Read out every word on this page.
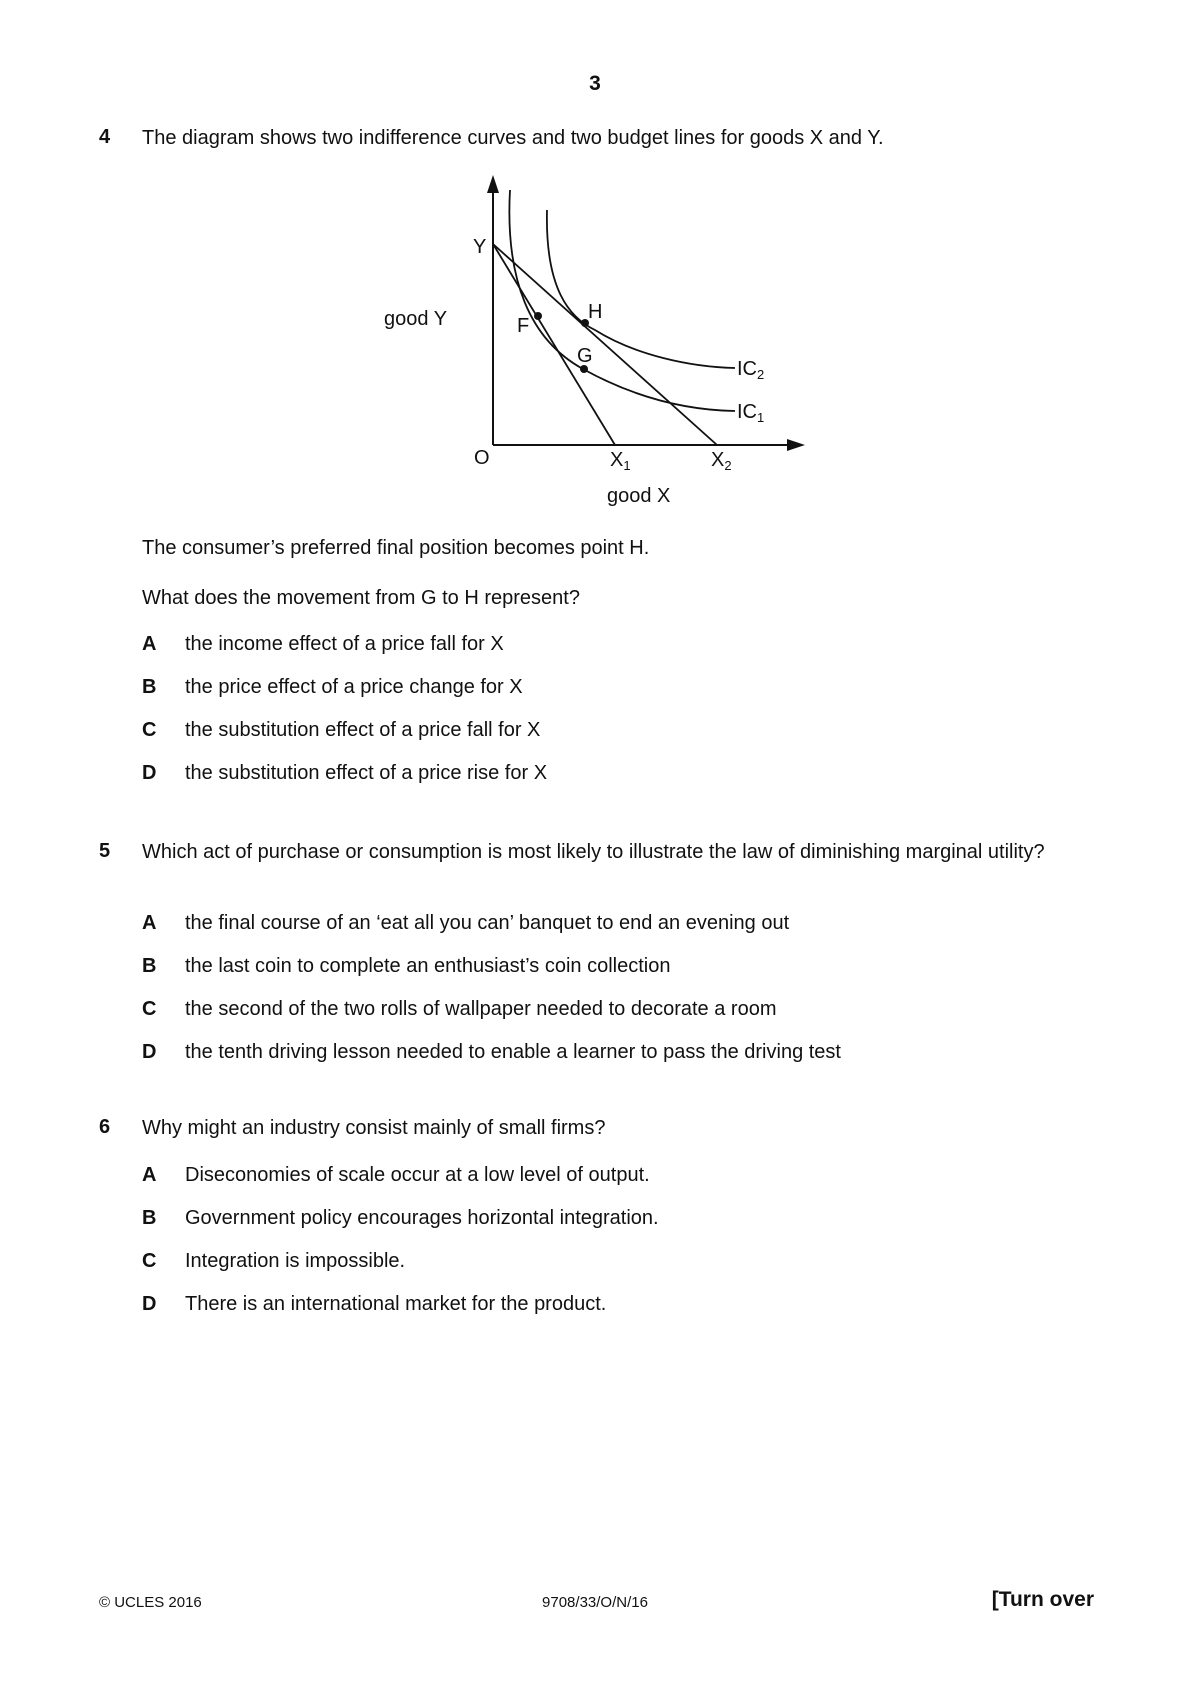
3
4 The diagram shows two indifference curves and two budget lines for goods X and Y.
good Y
good X
O
Y
F
G
H
$X_1$	$X_2$
$IC_2$
$IC_1$
The consumer’s preferred final position becomes point H.
What does the movement from G to H represent?
A the income effect of a price fall for X
B the price effect of a price change for X
C the substitution effect of a price fall for X
D the substitution effect of a price rise for X
5 Which act of purchase or consumption is most likely to illustrate the law of diminishing marginal utility?
A the final course of an ‘eat all you can’ banquet to end an evening out
B the last coin to complete an enthusiast’s coin collection
C the second of the two rolls of wallpaper needed to decorate a room
D the tenth driving lesson needed to enable a learner to pass the driving test
6 Why might an industry consist mainly of small firms?
A Diseconomies of scale occur at a low level of output.
B Government policy encourages horizontal integration.
C Integration is impossible.
D There is an international market for the product.
© UCLES 2016	9708/33/O/N/16	[Turn over
